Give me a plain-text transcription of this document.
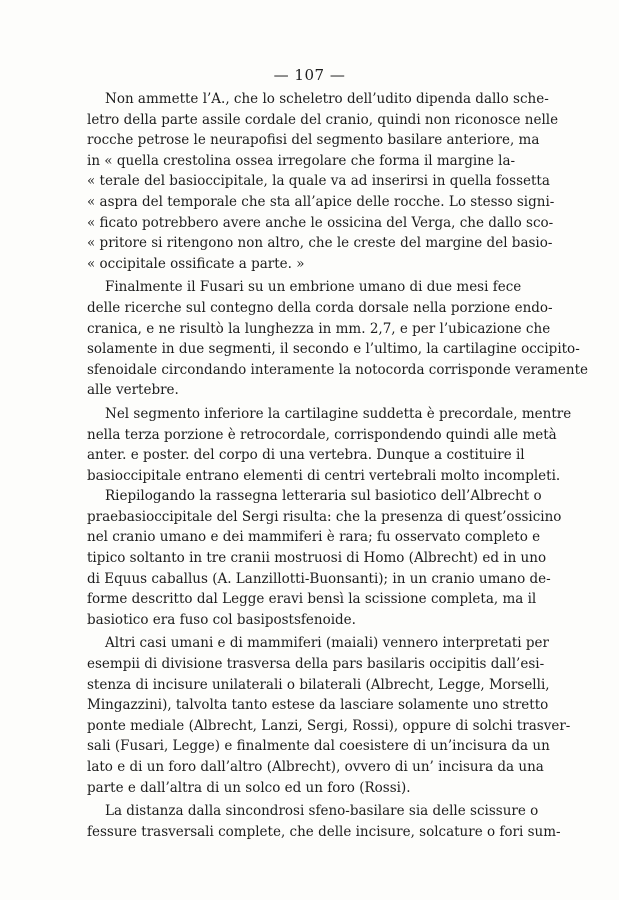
— 107 —
Non ammette l’A., che lo scheletro dell’udito dipenda dallo sche-
letro della parte assile cordale del cranio, quindi non riconosce nelle
rocche petrose le neurapofisi del segmento basilare anteriore, ma
in « quella crestolina ossea irregolare che forma il margine la-
« terale del basioccipitale, la quale va ad inserirsi in quella fossetta
« aspra del temporale che sta all’apice delle rocche. Lo stesso signi-
« ficato potrebbero avere anche le ossicina del Verga, che dallo sco-
« pritore si ritengono non altro, che le creste del margine del basio-
« occipitale ossificate a parte. »
Finalmente il Fusari su un embrione umano di due mesi fece
delle ricerche sul contegno della corda dorsale nella porzione endo-
cranica, e ne risultò la lunghezza in mm. 2,7, e per l’ubicazione che
solamente in due segmenti, il secondo e l’ultimo, la cartilagine occipito-
sfenoidale circondando interamente la notocorda corrisponde veramente
alle vertebre.
Nel segmento inferiore la cartilagine suddetta è precordale, mentre
nella terza porzione è retrocordale, corrispondendo quindi alle metà
anter. e poster. del corpo di una vertebra. Dunque a costituire il
basioccipitale entrano elementi di centri vertebrali molto incompleti.
Riepilogando la rassegna letteraria sul basiotico dell’Albrecht o
praebasioccipitale del Sergi risulta: che la presenza di quest’ossicino
nel cranio umano e dei mammiferi è rara; fu osservato completo e
tipico soltanto in tre cranii mostruosi di Homo (Albrecht) ed in uno
di Equus caballus (A. Lanzillotti-Buonsanti); in un cranio umano de-
forme descritto dal Legge eravi bensì la scissione completa, ma il
basiotico era fuso col basipostsfenoide.
Altri casi umani e di mammiferi (maiali) vennero interpretati per
esempii di divisione trasversa della pars basilaris occipitis dall’esi-
stenza di incisure unilaterali o bilaterali (Albrecht, Legge, Morselli,
Mingazzini), talvolta tanto estese da lasciare solamente uno stretto
ponte mediale (Albrecht, Lanzi, Sergi, Rossi), oppure di solchi trasver-
sali (Fusari, Legge) e finalmente dal coesistere di un’incisura da un
lato e di un foro dall’altro (Albrecht), ovvero di un’ incisura da una
parte e dall’altra di un solco ed un foro (Rossi).
La distanza dalla sincondrosi sfeno-basilare sia delle scissure o
fessure trasversali complete, che delle incisure, solcature o fori sum-
